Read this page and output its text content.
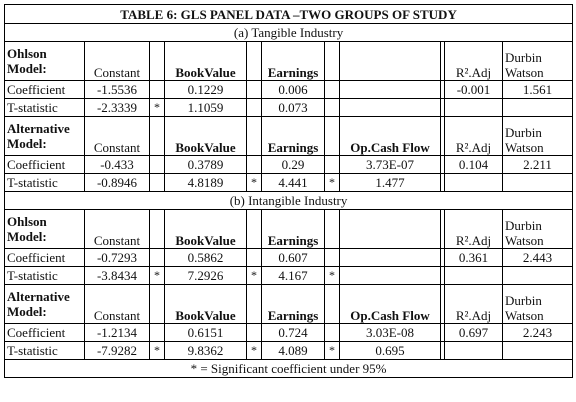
TABLE 6: GLS PANEL DATA –TWO GROUPS OF STUDY										
(a) Tangible Industry										

Ohlson
Model:	Constant		BookValue		Earnings				R².Adj	Durbin
Watson

Coefficient	-1.5536		0.1229		0.006				-0.001	1.561
T-statistic	-2.3339	*	1.1059		0.073					

Alternative
Model:	Constant		BookValue		Earnings		Op.Cash Flow		R².Adj	Durbin
Watson

Coefficient	-0.433		0.3789		0.29		3.73E-07		0.104	2.211
T-statistic	-0.8946		4.8189	*	4.441	*	1.477			
(b) Intangible Industry										

Ohlson
Model:	Constant		BookValue		Earnings				R².Adj	Durbin
Watson

Coefficient	-0.7293		0.5862		0.607				0.361	2.443
T-statistic	-3.8434	*	7.2926	*	4.167	*				

Alternative
Model:	Constant		BookValue		Earnings		Op.Cash Flow		R².Adj	Durbin
Watson

Coefficient	-1.2134		0.6151		0.724		3.03E-08		0.697	2.243
T-statistic	-7.9282	*	9.8362	*	4.089	*	0.695			
* = Significant coefficient under 95%										
